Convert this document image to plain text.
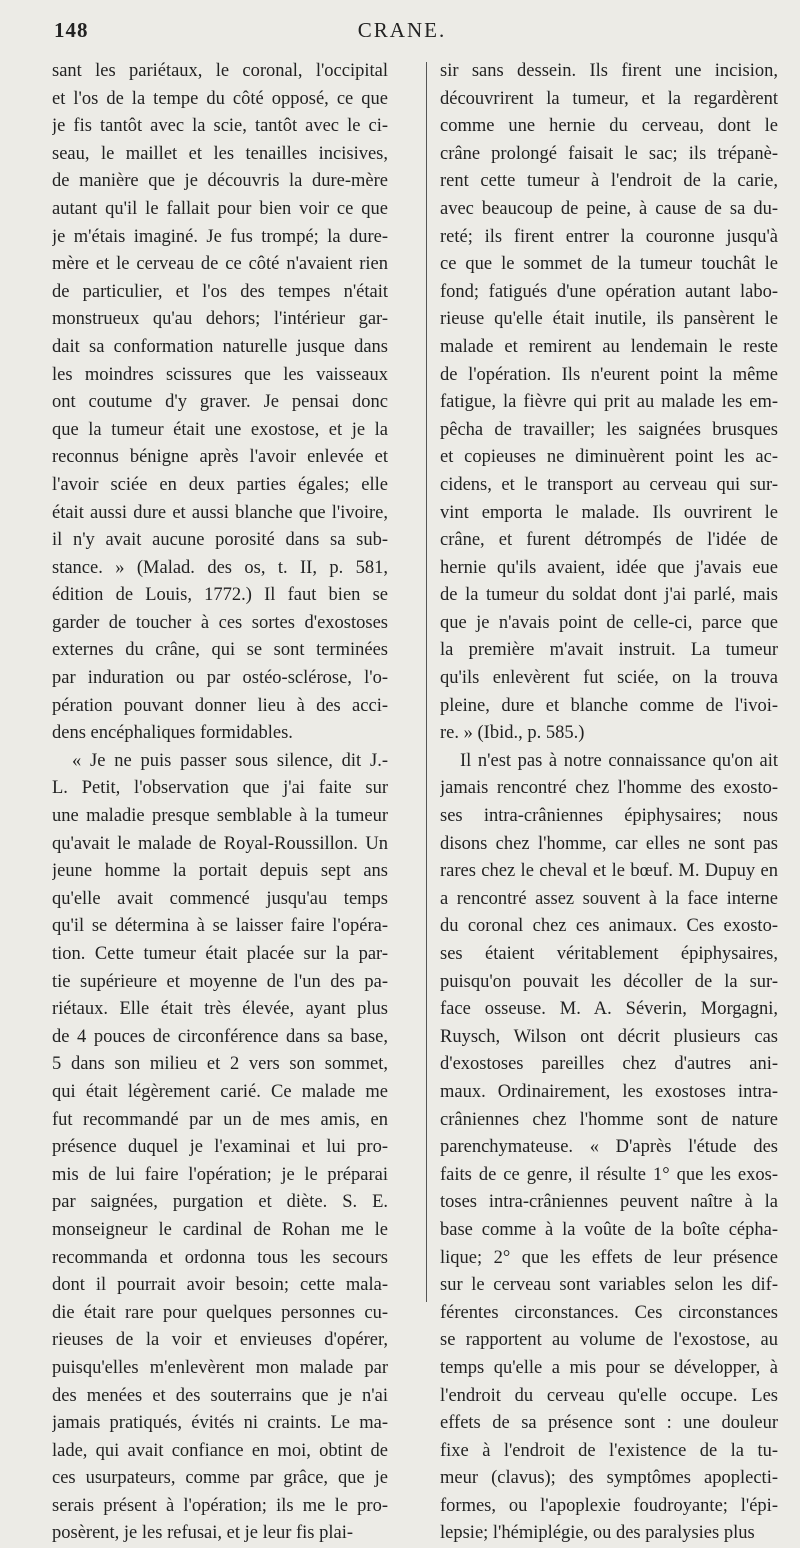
148	CRANE.
sant les pariétaux, le coronal, l'occipital
et l'os de la tempe du côté opposé, ce que
je fis tantôt avec la scie, tantôt avec le ci-
seau, le maillet et les tenailles incisives,
de manière que je découvris la dure-mère
autant qu'il le fallait pour bien voir ce que
je m'étais imaginé. Je fus trompé; la dure-
mère et le cerveau de ce côté n'avaient rien
de particulier, et l'os des tempes n'était
monstrueux qu'au dehors; l'intérieur gar-
dait sa conformation naturelle jusque dans
les moindres scissures que les vaisseaux
ont coutume d'y graver. Je pensai donc
que la tumeur était une exostose, et je la
reconnus bénigne après l'avoir enlevée et
l'avoir sciée en deux parties égales; elle
était aussi dure et aussi blanche que l'ivoire,
il n'y avait aucune porosité dans sa sub-
stance. » (Malad. des os, t. II, p. 581,
édition de Louis, 1772.) Il faut bien se
garder de toucher à ces sortes d'exostoses
externes du crâne, qui se sont terminées
par induration ou par ostéo-sclérose, l'o-
pération pouvant donner lieu à des acci-
dens encéphaliques formidables.
« Je ne puis passer sous silence, dit J.-
L. Petit, l'observation que j'ai faite sur
une maladie presque semblable à la tumeur
qu'avait le malade de Royal-Roussillon. Un
jeune homme la portait depuis sept ans
qu'elle avait commencé jusqu'au temps
qu'il se détermina à se laisser faire l'opéra-
tion. Cette tumeur était placée sur la par-
tie supérieure et moyenne de l'un des pa-
riétaux. Elle était très élevée, ayant plus
de 4 pouces de circonférence dans sa base,
5 dans son milieu et 2 vers son sommet,
qui était légèrement carié. Ce malade me
fut recommandé par un de mes amis, en
présence duquel je l'examinai et lui pro-
mis de lui faire l'opération; je le préparai
par saignées, purgation et diète. S. E.
monseigneur le cardinal de Rohan me le
recommanda et ordonna tous les secours
dont il pourrait avoir besoin; cette mala-
die était rare pour quelques personnes cu-
rieuses de la voir et envieuses d'opérer,
puisqu'elles m'enlevèrent mon malade par
des menées et des souterrains que je n'ai
jamais pratiqués, évités ni craints. Le ma-
lade, qui avait confiance en moi, obtint de
ces usurpateurs, comme par grâce, que je
serais présent à l'opération; ils me le pro-
posèrent, je les refusai, et je leur fis plai-
sir sans dessein. Ils firent une incision,
découvrirent la tumeur, et la regardèrent
comme une hernie du cerveau, dont le
crâne prolongé faisait le sac; ils trépanè-
rent cette tumeur à l'endroit de la carie,
avec beaucoup de peine, à cause de sa du-
reté; ils firent entrer la couronne jusqu'à
ce que le sommet de la tumeur touchât le
fond; fatigués d'une opération autant labo-
rieuse qu'elle était inutile, ils pansèrent le
malade et remirent au lendemain le reste
de l'opération. Ils n'eurent point la même
fatigue, la fièvre qui prit au malade les em-
pêcha de travailler; les saignées brusques
et copieuses ne diminuèrent point les ac-
cidens, et le transport au cerveau qui sur-
vint emporta le malade. Ils ouvrirent le
crâne, et furent détrompés de l'idée de
hernie qu'ils avaient, idée que j'avais eue
de la tumeur du soldat dont j'ai parlé, mais
que je n'avais point de celle-ci, parce que
la première m'avait instruit. La tumeur
qu'ils enlevèrent fut sciée, on la trouva
pleine, dure et blanche comme de l'ivoi-
re. » (Ibid., p. 585.)
Il n'est pas à notre connaissance qu'on ait
jamais rencontré chez l'homme des exosto-
ses intra-crâniennes épiphysaires; nous
disons chez l'homme, car elles ne sont pas
rares chez le cheval et le bœuf. M. Dupuy en
a rencontré assez souvent à la face interne
du coronal chez ces animaux. Ces exosto-
ses étaient véritablement épiphysaires,
puisqu'on pouvait les décoller de la sur-
face osseuse. M. A. Séverin, Morgagni,
Ruysch, Wilson ont décrit plusieurs cas
d'exostoses pareilles chez d'autres ani-
maux. Ordinairement, les exostoses intra-
crâniennes chez l'homme sont de nature
parenchymateuse. « D'après l'étude des
faits de ce genre, il résulte 1° que les exos-
toses intra-crâniennes peuvent naître à la
base comme à la voûte de la boîte cépha-
lique; 2° que les effets de leur présence
sur le cerveau sont variables selon les dif-
férentes circonstances. Ces circonstances
se rapportent au volume de l'exostose, au
temps qu'elle a mis pour se développer, à
l'endroit du cerveau qu'elle occupe. Les
effets de sa présence sont : une douleur
fixe à l'endroit de l'existence de la tu-
meur (clavus); des symptômes apoplecti-
formes, ou l'apoplexie foudroyante; l'épi-
lepsie; l'hémiplégie, ou des paralysies plus
